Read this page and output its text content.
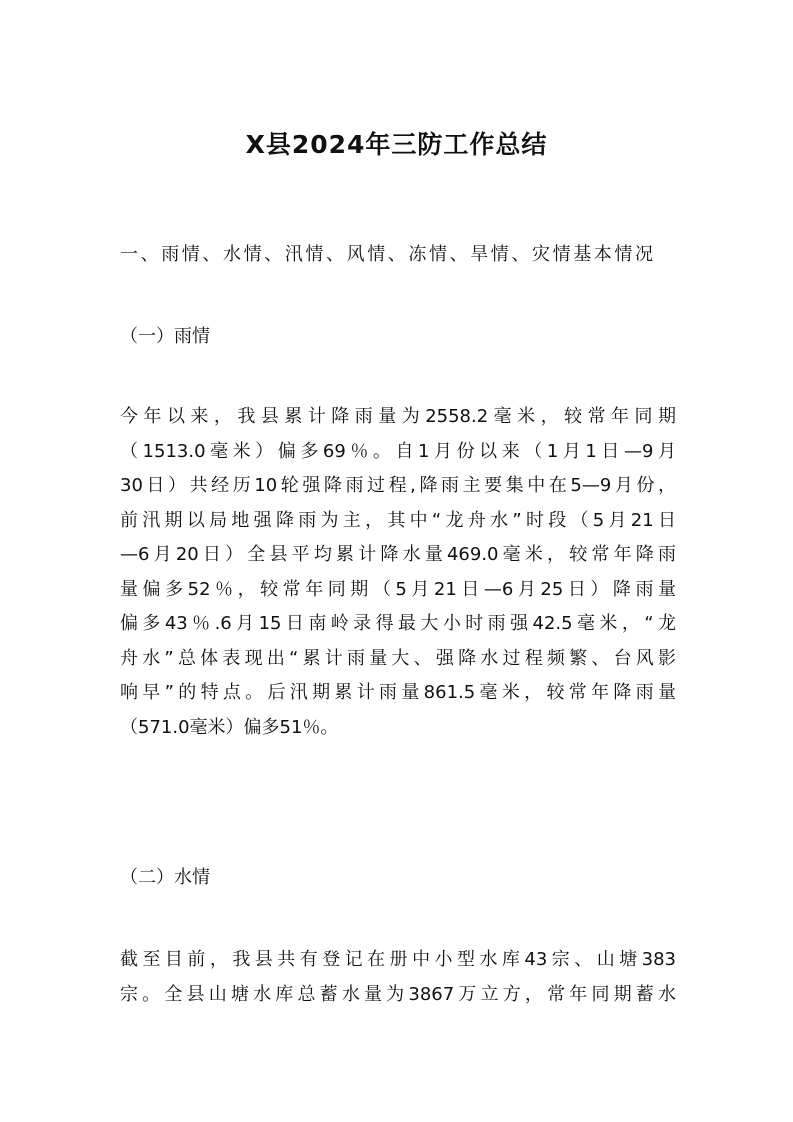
X县2024年三防工作总结
一、雨情、水情、汛情、风情、冻情、旱情、灾情基本情况
（一）雨情
今年以来，我县累计降雨量为2558.2毫米，较常年同期
（1513.0毫米）偏多69％。自1月份以来（1月1日—9月
30日）共经历10轮强降雨过程,降雨主要集中在5—9月份，
前汛期以局地强降雨为主，其中“龙舟水”时段（5月21日
—6月20日）全县平均累计降水量469.0毫米，较常年降雨
量偏多52％，较常年同期（5月21日—6月25日）降雨量
偏多43％.6月15日南岭录得最大小时雨强42.5毫米，“龙
舟水”总体表现出“累计雨量大、强降水过程频繁、台风影
响早”的特点。后汛期累计雨量861.5毫米，较常年降雨量
（571.0毫米）偏多51％。
（二）水情
截至目前，我县共有登记在册中小型水库43宗、山塘383
宗。全县山塘水库总蓄水量为3867万立方，常年同期蓄水
